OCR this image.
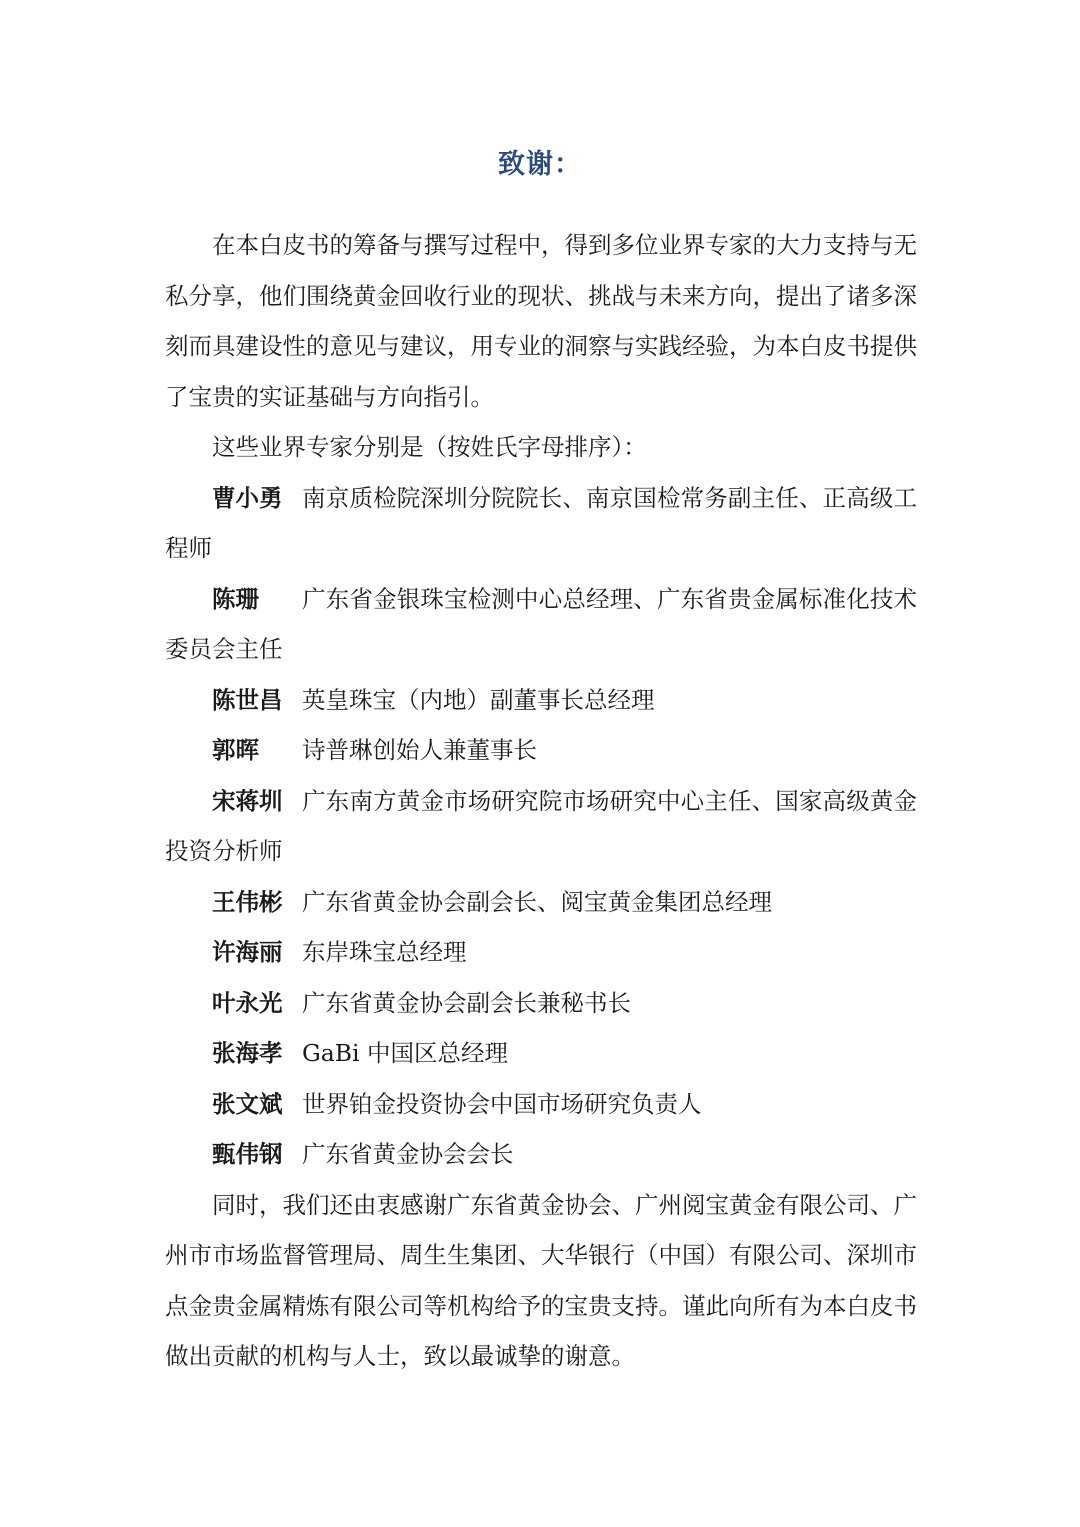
致谢：

在本白皮书的筹备与撰写过程中，得到多位业界专家的大力支持与无私分享，他们围绕黄金回收行业的现状、挑战与未来方向，提出了诸多深刻而具建设性的意见与建议，用专业的洞察与实践经验，为本白皮书提供了宝贵的实证基础与方向指引。

这些业界专家分别是（按姓氏字母排序）：

曹小勇 南京质检院深圳分院院长、南京国检常务副主任、正高级工程师
陈珊 广东省金银珠宝检测中心总经理、广东省贵金属标准化技术委员会主任
陈世昌 英皇珠宝（内地）副董事长总经理
郭晖 诗普琳创始人兼董事长
宋蒋圳 广东南方黄金市场研究院市场研究中心主任、国家高级黄金投资分析师
王伟彬 广东省黄金协会副会长、阅宝黄金集团总经理
许海丽 东岸珠宝总经理
叶永光 广东省黄金协会副会长兼秘书长
张海孝 GaBi 中国区总经理
张文斌 世界铂金投资协会中国市场研究负责人
甄伟钢 广东省黄金协会会长

同时，我们还由衷感谢广东省黄金协会、广州阅宝黄金有限公司、广州市市场监督管理局、周生生集团、大华银行（中国）有限公司、深圳市点金贵金属精炼有限公司等机构给予的宝贵支持。谨此向所有为本白皮书做出贡献的机构与人士，致以最诚挚的谢意。
